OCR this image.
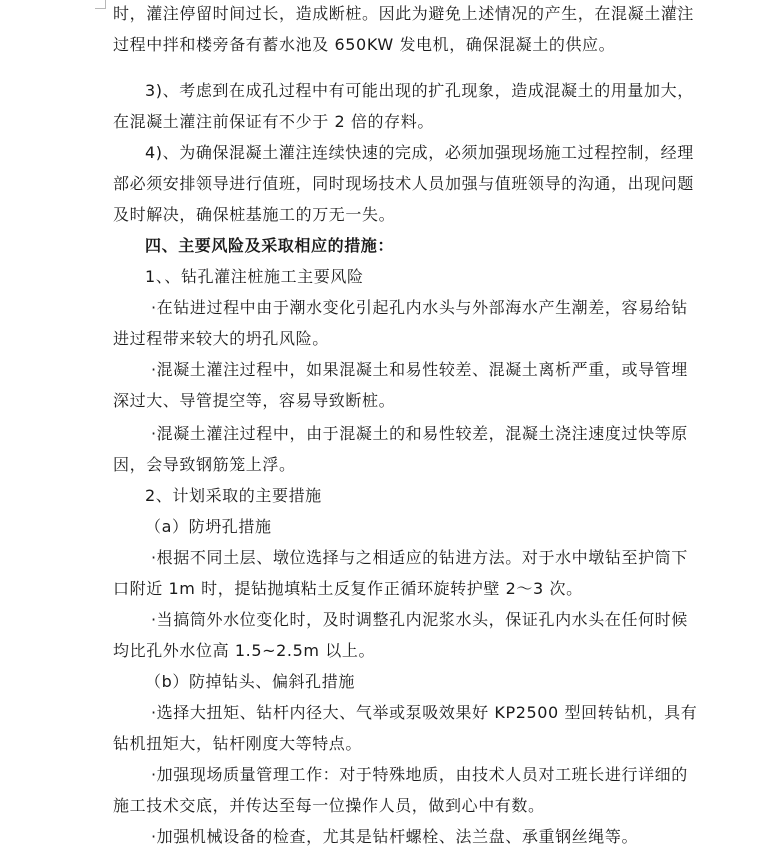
时，灌注停留时间过长，造成断桩。因此为避免上述情况的产生，在混凝土灌注
过程中拌和楼旁备有蓄水池及 650KW 发电机，确保混凝土的供应。
3)、考虑到在成孔过程中有可能出现的扩孔现象，造成混凝土的用量加大，
在混凝土灌注前保证有不少于 2 倍的存料。
4)、为确保混凝土灌注连续快速的完成，必须加强现场施工过程控制，经理
部必须安排领导进行值班，同时现场技术人员加强与值班领导的沟通，出现问题
及时解决，确保桩基施工的万无一失。
四、主要风险及采取相应的措施：
1、、钻孔灌注桩施工主要风险
·在钻进过程中由于潮水变化引起孔内水头与外部海水产生潮差，容易给钻
进过程带来较大的坍孔风险。
·混凝土灌注过程中，如果混凝土和易性较差、混凝土离析严重，或导管埋
深过大、导管提空等，容易导致断桩。
·混凝土灌注过程中，由于混凝土的和易性较差，混凝土浇注速度过快等原
因，会导致钢筋笼上浮。
2、计划采取的主要措施
（a）防坍孔措施
·根据不同土层、墩位选择与之相适应的钻进方法。对于水中墩钻至护筒下
口附近 1m 时，提钻抛填粘土反复作正循环旋转护壁 2～3 次。
·当搞筒外水位变化时，及时调整孔内泥浆水头，保证孔内水头在任何时候
均比孔外水位高 1.5~2.5m 以上。
（b）防掉钻头、偏斜孔措施
·选择大扭矩、钻杆内径大、气举或泵吸效果好 KP2500 型回转钻机，具有
钻机扭矩大，钻杆刚度大等特点。
·加强现场质量管理工作：对于特殊地质，由技术人员对工班长进行详细的
施工技术交底，并传达至每一位操作人员，做到心中有数。
·加强机械设备的检查，尤其是钻杆螺栓、法兰盘、承重钢丝绳等。
